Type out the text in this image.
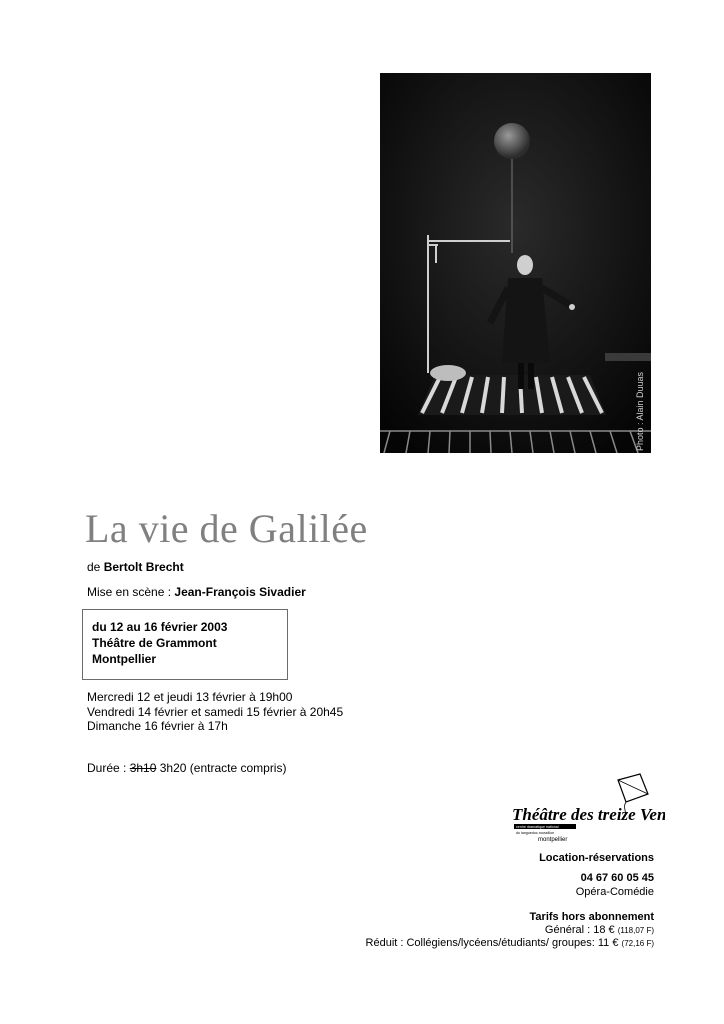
Photo : Alain Duuas
La vie de Galilée
de Bertolt Brecht
Mise en scène : Jean-François Sivadier
du 12 au 16 février 2003
Théâtre de Grammont
Montpellier
Mercredi 12 et jeudi 13 février à 19h00
Vendredi 14 février et samedi 15 février à 20h45
Dimanche 16 février à 17h
Durée : 3h10 3h20 (entracte compris)
Théâtre des treize Vents
centre dramatique national
du languedoc-roussillon
montpellier
Location-réservations
04 67 60 05 45
Opéra-Comédie
Tarifs hors abonnement
Général : 18 € (118,07 F)
Réduit : Collégiens/lycéens/étudiants/ groupes: 11 € (72,16 F)
